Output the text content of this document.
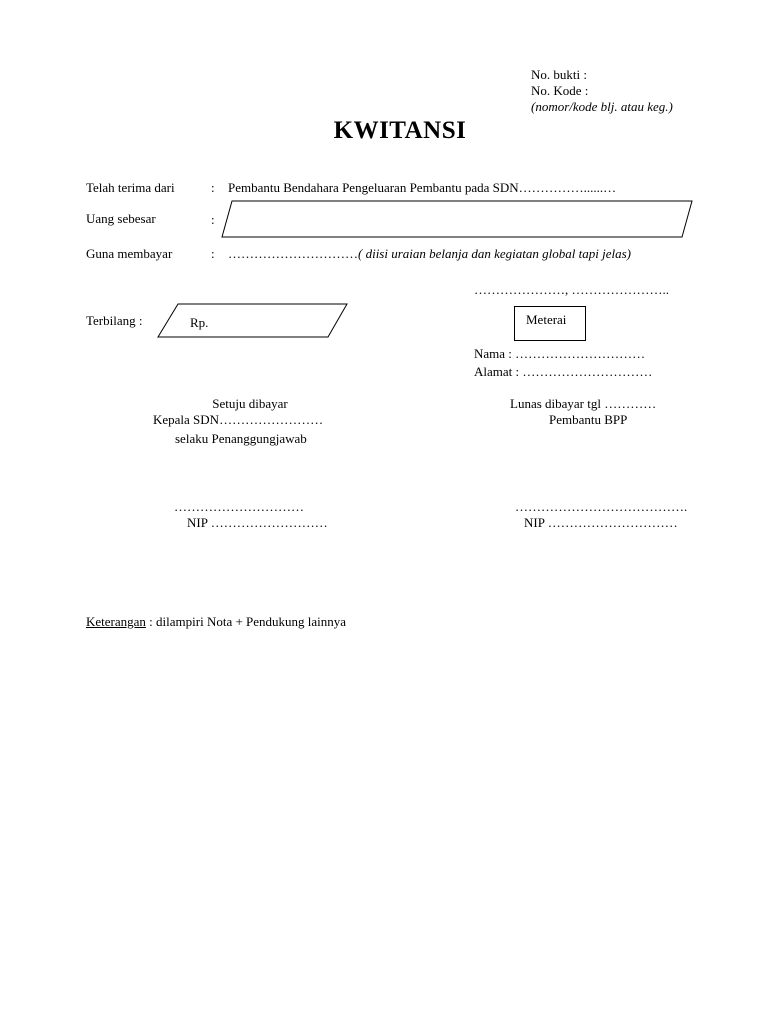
No. bukti :
No. Kode :
(nomor/kode blj. atau keg.)
KWITANSI
Telah terima dari	: Pembantu Bendahara Pengeluaran Pembantu pada SDN……………......…
Uang sebesar	:
Guna membayar	: …………………………( diisi uraian belanja dan kegiatan global tapi jelas)
…………………, …………………..
Terbilang :	Rp.	Meterai
Nama : …………………………
Alamat : …………………………
Setuju dibayar
Kepala SDN……………………
selaku Penanggungjawab
…………………………
NIP ………………………
Lunas dibayar tgl …………
Pembantu BPP
………………………………….
NIP …………………………
Keterangan : dilampiri Nota + Pendukung lainnya
